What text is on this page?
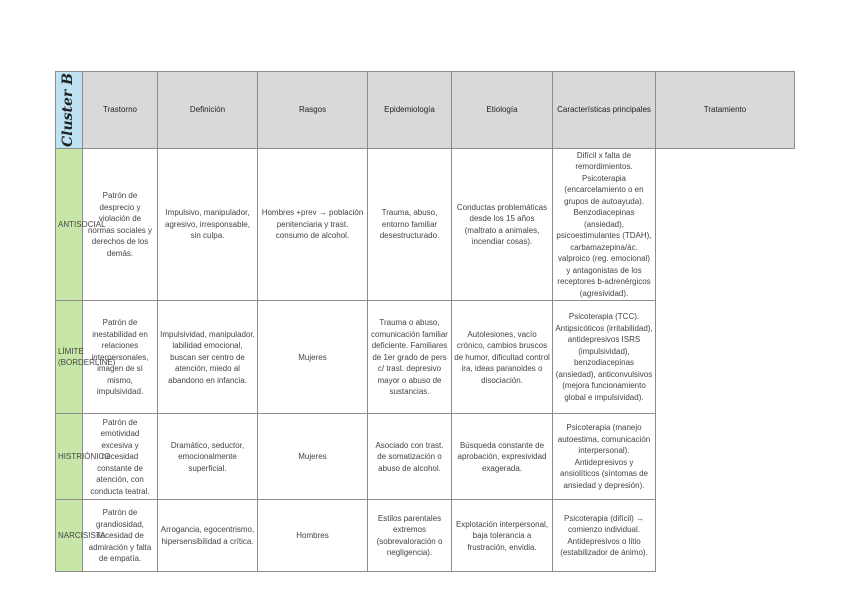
Cluster B	Trastorno	Definición	Rasgos	Epidemiología	Etiología	Características principales	Tratamiento
ANTISOCIAL	Patrón de desprecio y violación de normas sociales y derechos de los demás.	Impulsivo, manipulador, agresivo, irresponsable, sin culpa.	Hombres +prev → población penitenciaria y trast. consumo de alcohol.	Trauma, abuso, entorno familiar desestructurado.	Conductas problemáticas desde los 15 años (maltrato a animales, incendiar cosas).	Difícil x falta de remordimientos. Psicoterapia (encarcelamiento o en grupos de autoayuda). Benzodiacepinas (ansiedad), psicoestimulantes (TDAH), carbamazepina/ác. valproico (reg. emocional) y antagonistas de los receptores b-adrenérgicos (agresividad).	
LÍMITE (BORDERLINE)	Patrón de inestabilidad en relaciones interpersonales, imagen de sí mismo, impulsividad.	Impulsividad, manipulador, labilidad emocional, buscan ser centro de atención, miedo al abandono en infancia.	Mujeres	Trauma o abuso, comunicación familiar deficiente. Familiares de 1er grado de pers c/ trast. depresivo mayor o abuso de sustancias.	Autolesiones, vacío crónico, cambios bruscos de humor, dificultad control ira, ideas paranoides o disociación.	Psicoterapia (TCC). Antipsicóticos (irritabilidad), antidepresivos ISRS (impulsividad), benzodiacepinas (ansiedad), anticonvulsivos (mejora funcionamiento global e impulsividad).	
HISTRIÓNICO	Patrón de emotividad excesiva y necesidad constante de atención, con conducta teatral.	Dramático, seductor, emocionalmente superficial.	Mujeres	Asociado con trast. de somatización o abuso de alcohol.	Búsqueda constante de aprobación, expresividad exagerada.	Psicoterapia (manejo autoestima, comunicación interpersonal). Antidepresivos y ansiolíticos (síntomas de ansiedad y depresión).	
NARCISISTA	Patrón de grandiosidad, necesidad de admiración y falta de empatía.	Arrogancia, egocentrismo, hipersensibilidad a crítica.	Hombres	Estilos parentales extremos (sobrevaloración o negligencia).	Explotación interpersonal, baja tolerancia a frustración, envidia.	Psicoterapia (difícil) → comienzo individual. Antidepresivos o litio (estabilizador de ánimo).	
